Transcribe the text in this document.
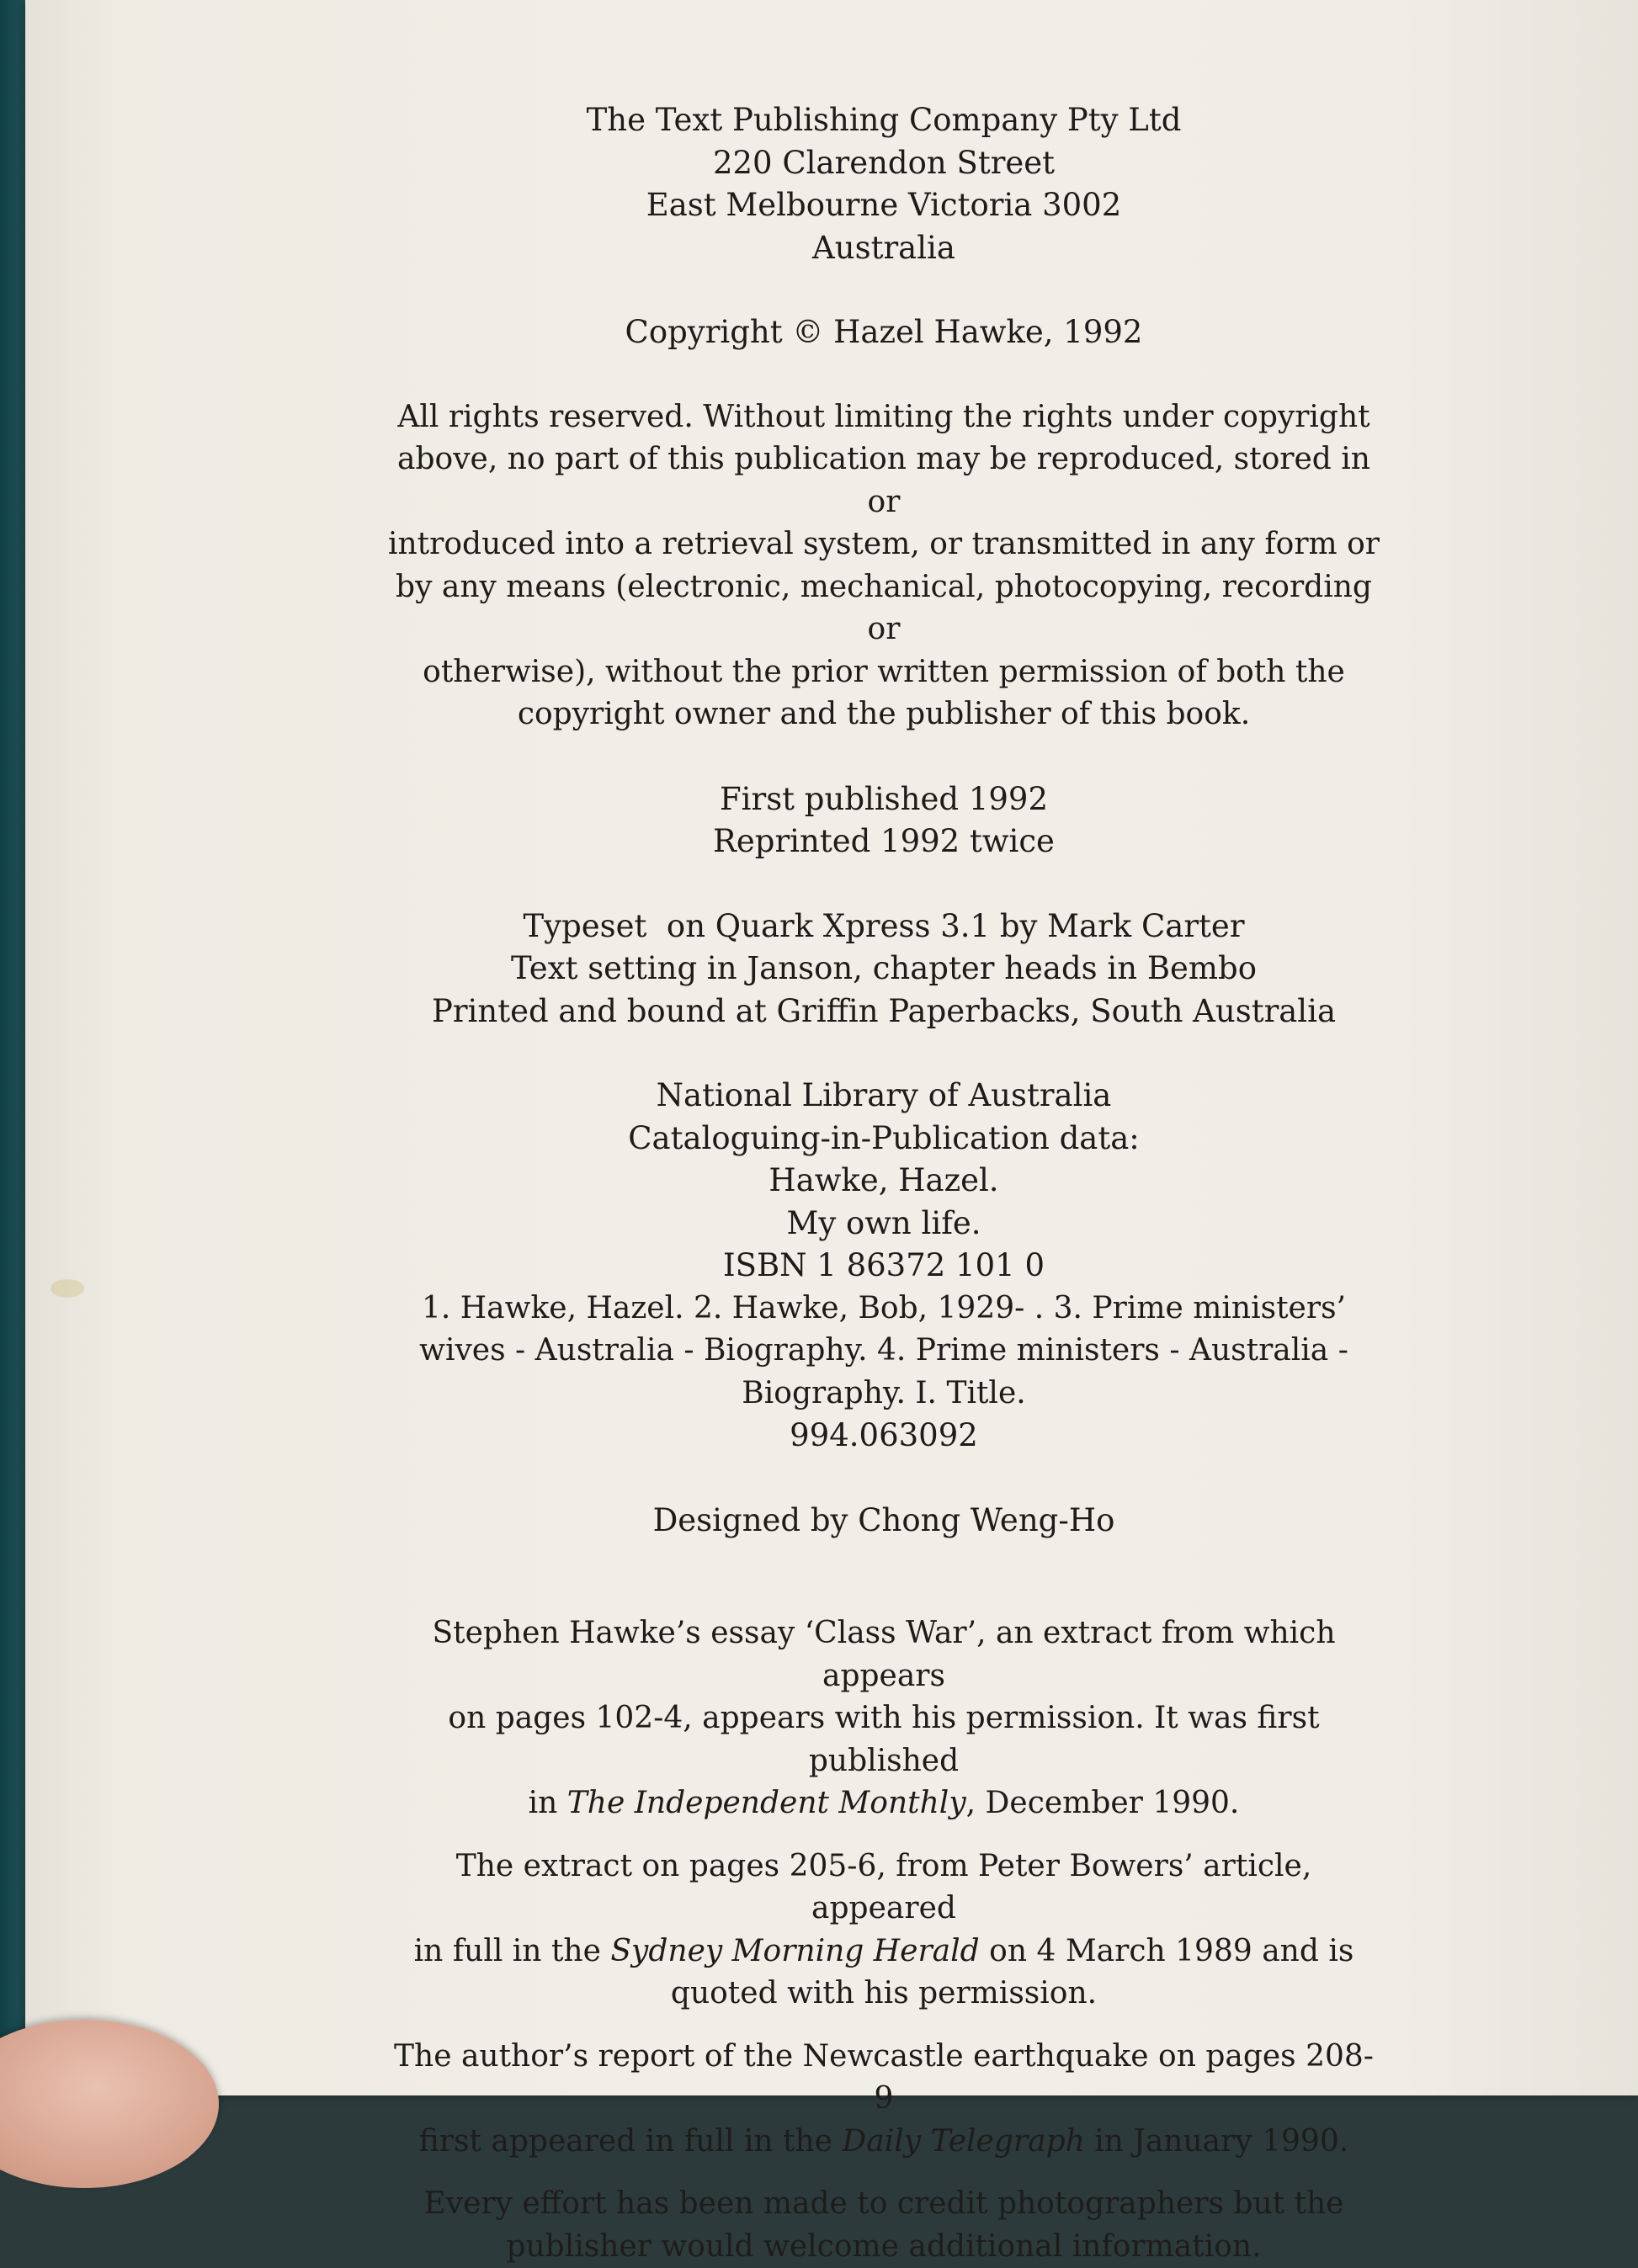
The Text Publishing Company Pty Ltd

220 Clarendon Street

East Melbourne Victoria 3002

Australia

Copyright © Hazel Hawke, 1992

All rights reserved. Without limiting the rights under copyright

above, no part of this publication may be reproduced, stored in or

introduced into a retrieval system, or transmitted in any form or

by any means (electronic, mechanical, photocopying, recording or

otherwise), without the prior written permission of both the

copyright owner and the publisher of this book.

First published 1992

Reprinted 1992 twice

Typeset  on Quark Xpress 3.1 by Mark Carter

Text setting in Janson, chapter heads in Bembo

Printed and bound at Griffin Paperbacks, South Australia

National Library of Australia

Cataloguing-in-Publication data:

Hawke, Hazel.

My own life.

ISBN 1 86372 101 0

1. Hawke, Hazel. 2. Hawke, Bob, 1929- . 3. Prime ministers’

wives - Australia - Biography. 4. Prime ministers - Australia -

Biography. I. Title.

994.063092

Designed by Chong Weng-Ho

Stephen Hawke’s essay ‘Class War’, an extract from which appears

on pages 102-4, appears with his permission. It was first published

in The Independent Monthly, December 1990.

The extract on pages 205-6, from Peter Bowers’ article, appeared

in full in the Sydney Morning Herald on 4 March 1989 and is

quoted with his permission.

The author’s report of the Newcastle earthquake on pages 208-9

first appeared in full in the Daily Telegraph in January 1990.

Every effort has been made to credit photographers but the

publisher would welcome additional information.
